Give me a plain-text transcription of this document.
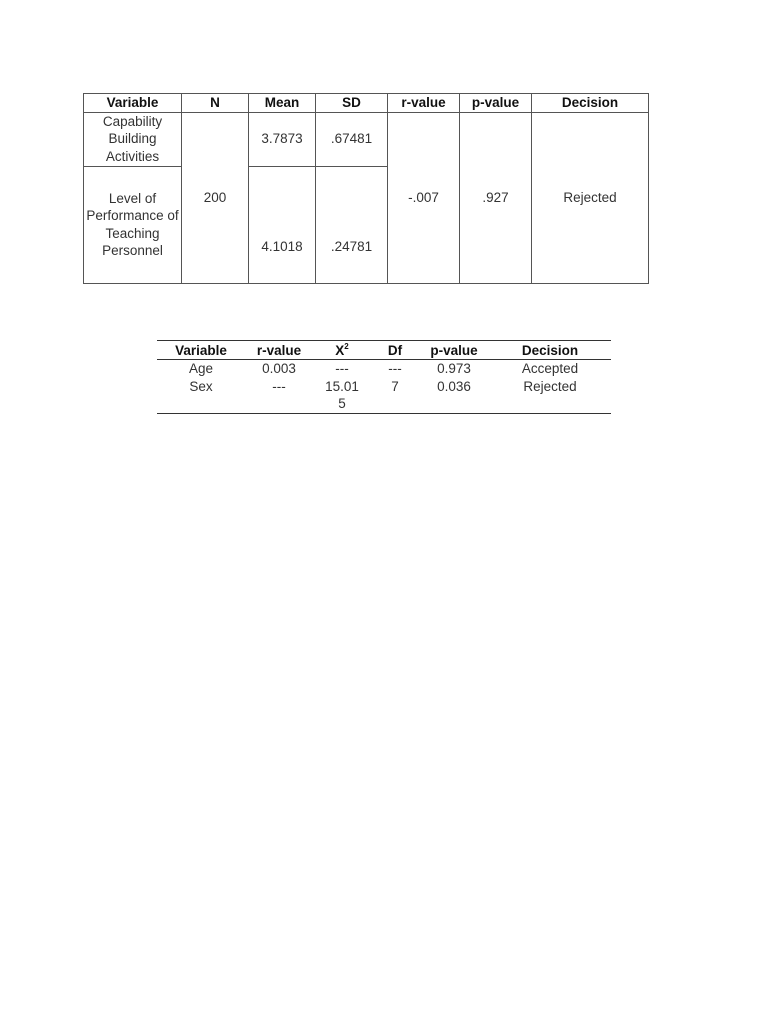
Variable	N	Mean	SD	r-value	p-value	Decision
Capability Building Activities	200	3.7873	.67481	-.007	.927	Rejected
Level of Performance of Teaching Personnel		4.1018	.24781			
Variable	r-value	$X^2$	Df	p-value	Decision
Age	0.003	---	---	0.973	Accepted
Sex	---	15.015	7	0.036	Rejected
